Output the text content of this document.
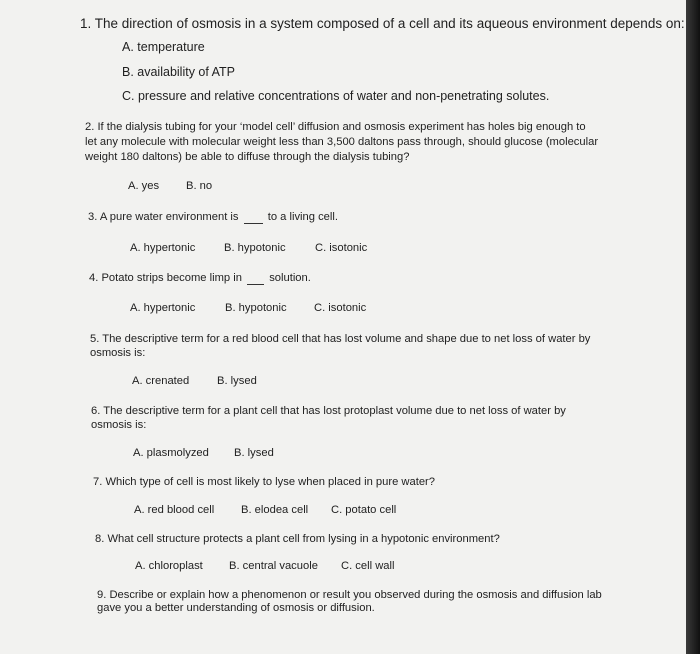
1. The direction of osmosis in a system composed of a cell and its aqueous environment depends on:
A. temperature
B. availability of ATP
C. pressure and relative concentrations of water and non-penetrating solutes.
2. If the dialysis tubing for your ‘model cell’ diffusion and osmosis experiment has holes big enough to
let any molecule with molecular weight less than 3,500 daltons pass through, should glucose (molecular
weight 180 daltons) be able to diffuse through the dialysis tubing?
A. yes B. no
3. A pure water environment is	to a living cell.
A. hypertonic	B. hypotonic	C. isotonic
4. Potato strips become limp in solution.
A. hypertonic	B. hypotonic C. isotonic
5. The descriptive term for a red blood cell that has lost volume and shape due to net loss of water by
osmosis is:
A. crenated B. lysed
6. The descriptive term for a plant cell that has lost protoplast volume due to net loss of water by
osmosis is:
A. plasmolyzed B. lysed
7. Which type of cell is most likely to lyse when placed in pure water?
A. red blood cell B. elodea cell C. potato cell
8. What cell structure protects a plant cell from lysing in a hypotonic environment?
A. chloroplast B. central vacuole C. cell wall
9. Describe or explain how a phenomenon or result you observed during the osmosis and diffusion lab
gave you a better understanding of osmosis or diffusion.
